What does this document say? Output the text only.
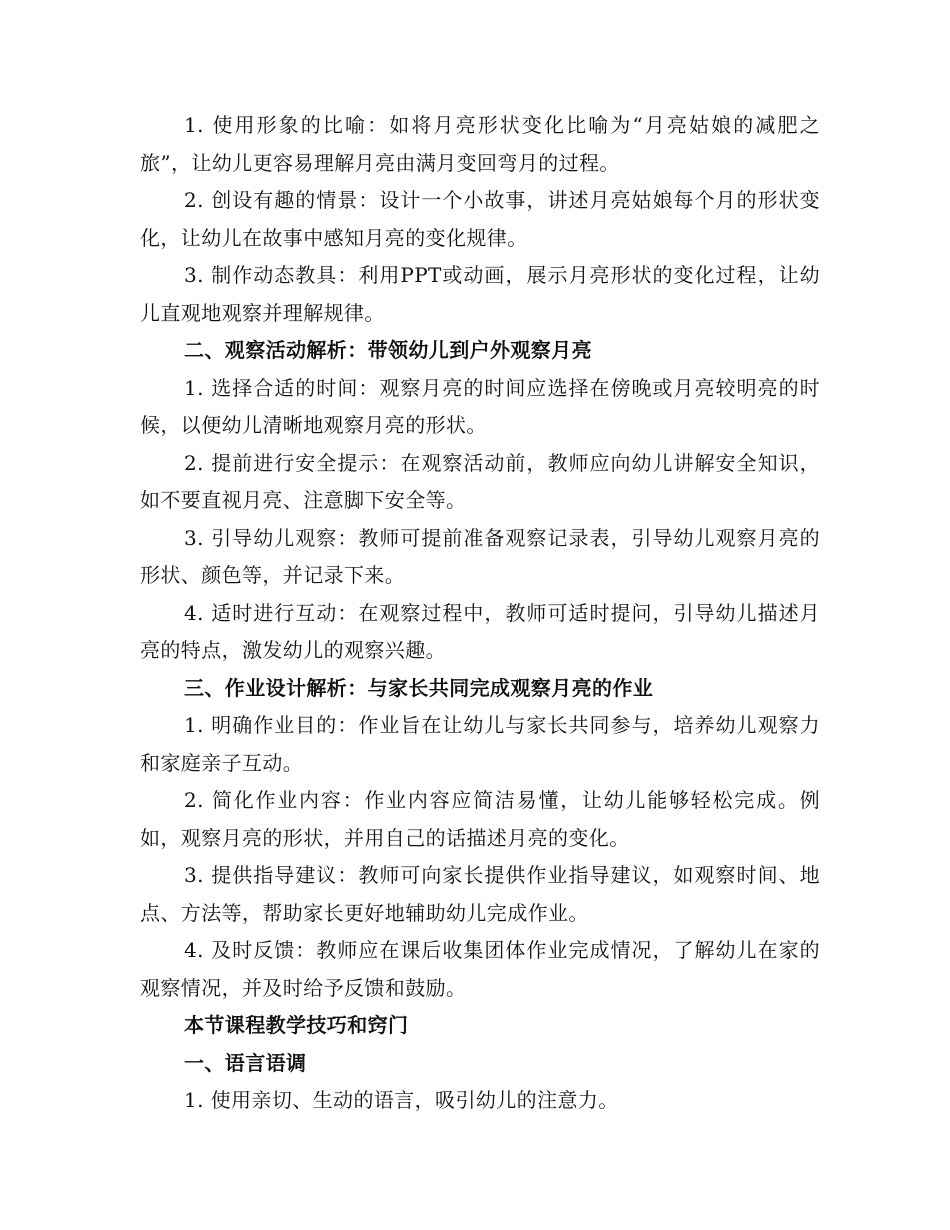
1. 使用形象的比喻：如将月亮形状变化比喻为“月亮姑娘的减肥之旅”，让幼儿更容易理解月亮由满月变回弯月的过程。

2. 创设有趣的情景：设计一个小故事，讲述月亮姑娘每个月的形状变化，让幼儿在故事中感知月亮的变化规律。

3. 制作动态教具：利用PPT或动画，展示月亮形状的变化过程，让幼儿直观地观察并理解规律。

二、观察活动解析：带领幼儿到户外观察月亮

1. 选择合适的时间：观察月亮的时间应选择在傍晚或月亮较明亮的时候，以便幼儿清晰地观察月亮的形状。

2. 提前进行安全提示：在观察活动前，教师应向幼儿讲解安全知识，如不要直视月亮、注意脚下安全等。

3. 引导幼儿观察：教师可提前准备观察记录表，引导幼儿观察月亮的形状、颜色等，并记录下来。

4. 适时进行互动：在观察过程中，教师可适时提问，引导幼儿描述月亮的特点，激发幼儿的观察兴趣。

三、作业设计解析：与家长共同完成观察月亮的作业

1. 明确作业目的：作业旨在让幼儿与家长共同参与，培养幼儿观察力和家庭亲子互动。

2. 简化作业内容：作业内容应简洁易懂，让幼儿能够轻松完成。例如，观察月亮的形状，并用自己的话描述月亮的变化。

3. 提供指导建议：教师可向家长提供作业指导建议，如观察时间、地点、方法等，帮助家长更好地辅助幼儿完成作业。

4. 及时反馈：教师应在课后收集团体作业完成情况，了解幼儿在家的观察情况，并及时给予反馈和鼓励。

本节课程教学技巧和窍门

一、语言语调

1. 使用亲切、生动的语言，吸引幼儿的注意力。
